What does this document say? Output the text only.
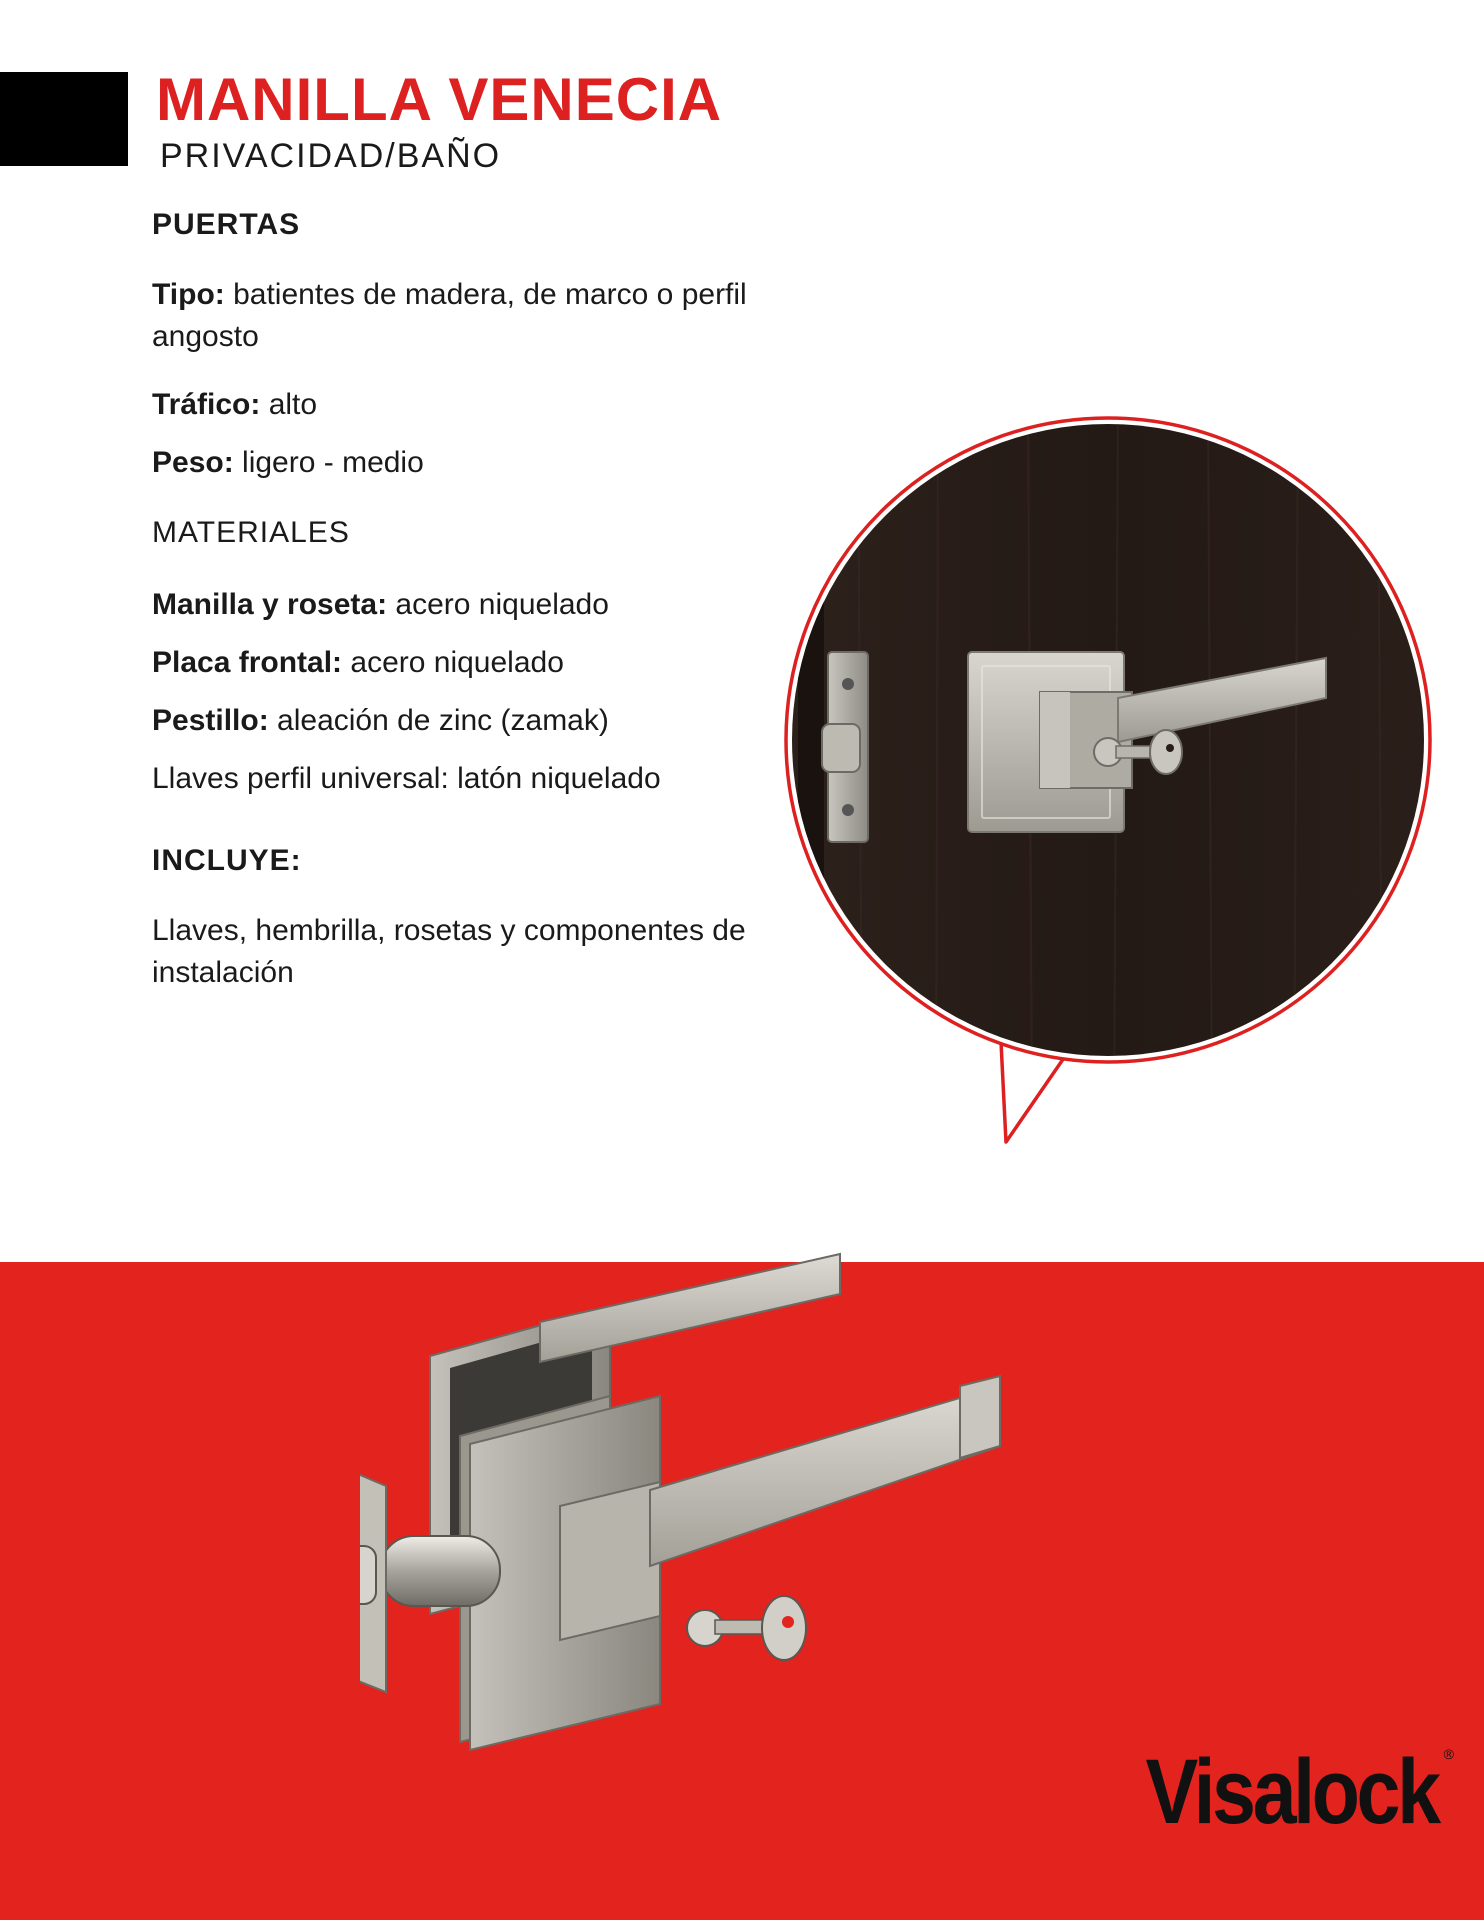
MANILLA VENECIA

PRIVACIDAD/BAÑO

PUERTAS

Tipo: batientes de madera, de marco o perfil angosto

Tráfico: alto

Peso: ligero - medio

MATERIALES

Manilla y roseta: acero niquelado

Placa frontal: acero niquelado

Pestillo: aleación de zinc (zamak)

Llaves perfil universal: latón niquelado

INCLUYE:

Llaves, hembrilla, rosetas y componentes de instalación

Visalock ®
